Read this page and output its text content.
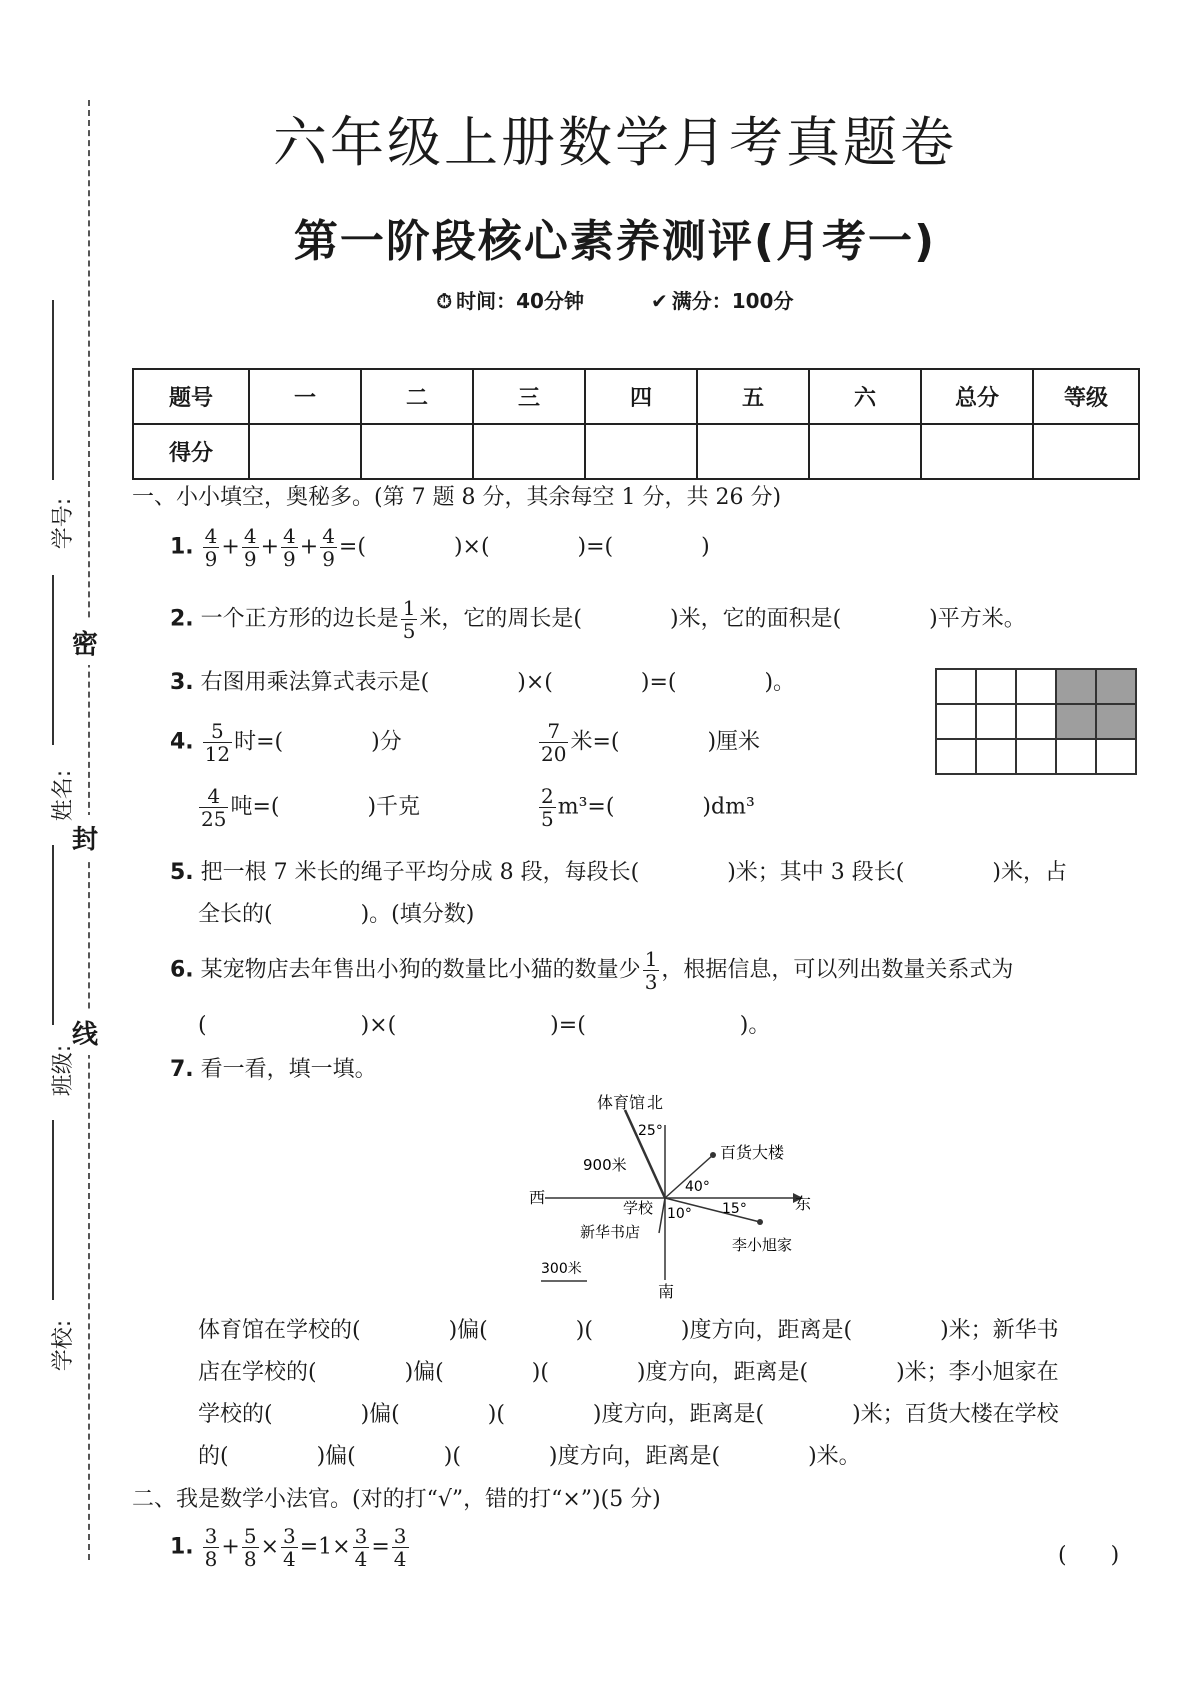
密
封
线
学号:
姓名:
班级:
学校:
六年级上册数学月考真题卷
第一阶段核心素养测评(月考一)
⏱ 时间：40分钟	✔ 满分：100分
题号	一	二	三	四	五	六	总分	等级
得分								
一、小小填空，奥秘多。(第 7 题 8 分，其余每空 1 分，共 26 分)
1. $\frac{4}{9} + \frac{4}{9} + \frac{4}{9} + \frac{4}{9}$ =(　　　　)×(　　　　)=(　　　　)
2. 一个正方形的边长是 $\frac{1}{5}$ 米，它的周长是(　　　　)米，它的面积是(　　　　)平方米。
3. 右图用乘法算式表示是(　　　　)×(　　　　)=(　　　　)。

4. $\frac{5}{12}$ 时=(　　　　)分	$\frac{7}{20}$ 米=(　　　　)厘米
$\frac{4}{25}$ 吨=(　　　　)千克	$\frac{2}{5} m^3=$(　　　　)dm³
5. 把一根 7 米长的绳子平均分成 8 段，每段长(　　　　)米；其中 3 段长(　　　　)米，占
全长的(　　　　)。(填分数)
6. 某宠物店去年售出小狗的数量比小猫的数量少 $\frac{1}{3}$ ，根据信息，可以列出数量关系式为
(　　　　　　　)×(　　　　　　　)=(　　　　　　　)。
7. 看一看，填一填。
体育馆 北
25°
900米
百货大楼
40°
西	东
学校 10° 15°
新华书店
李小旭家
300米
南
体育馆在学校的(　　　　)偏(　　　　)(　　　　)度方向，距离是(　　　　)米；新华书
店在学校的(　　　　)偏(　　　　)(　　　　)度方向，距离是(　　　　)米；李小旭家在
学校的(　　　　)偏(　　　　)(　　　　)度方向，距离是(　　　　)米；百货大楼在学校
的(　　　　)偏(　　　　)(　　　　)度方向，距离是(　　　　)米。
二、我是数学小法官。(对的打“√”，错的打“×”)(5 分)
1. $\frac{3}{8} + \frac{5}{8} \times \frac{3}{4} =1\times \frac{3}{4} = \frac{3}{4}$	(　　)
